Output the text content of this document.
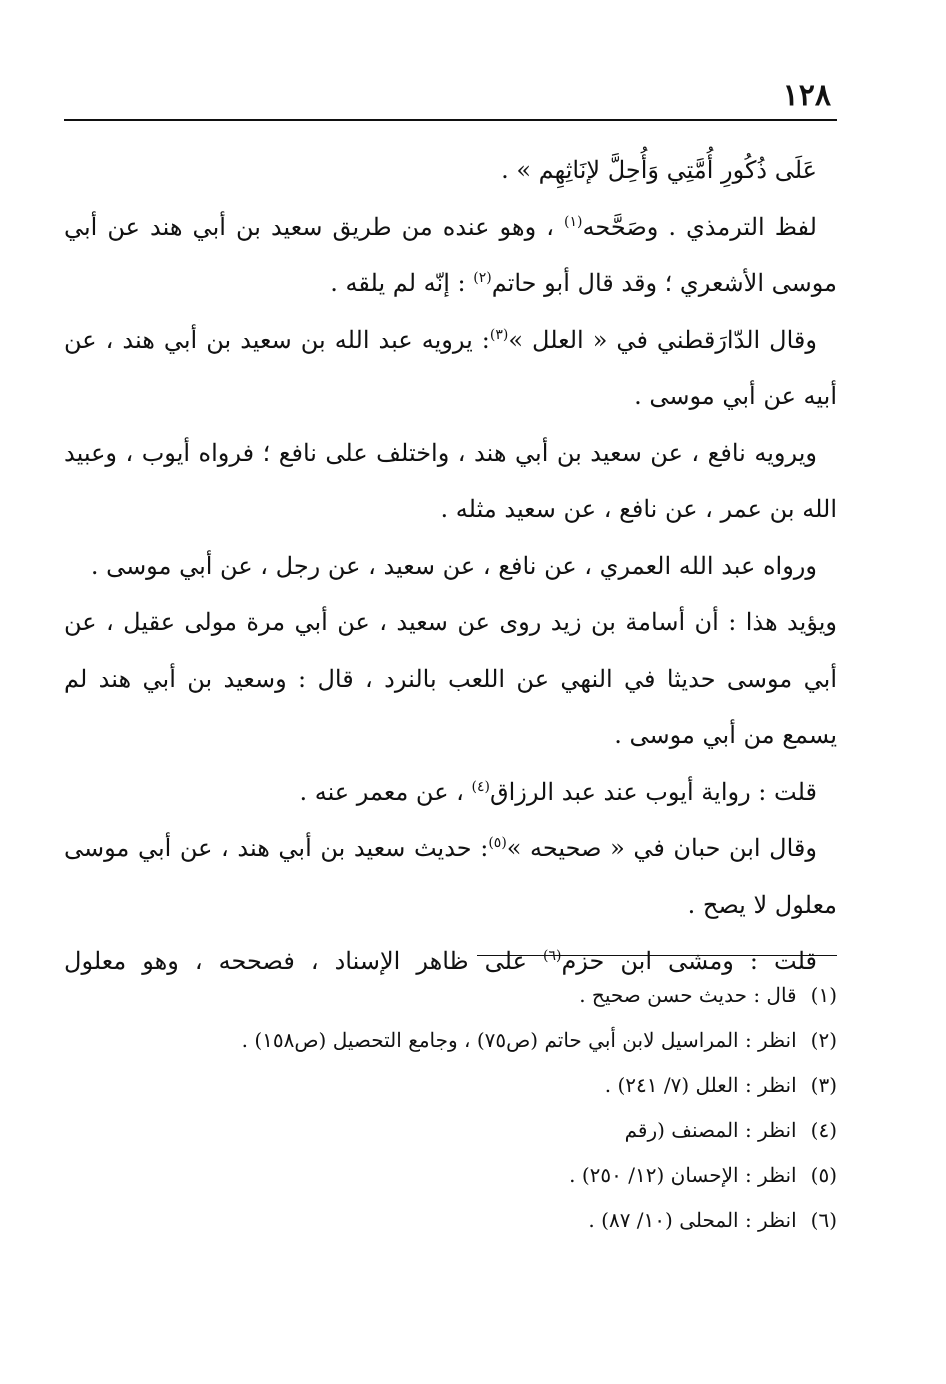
١٢٨

عَلَى ذُكُورِ أُمَّتِي وَأُحِلَّ لإنَاثِهِم » .

لفظ الترمذي . وصَحَّحه$^{(١)}$ ، وهو عنده من طريق سعيد بن أبي هند عن أبي موسى الأشعري ؛ وقد قال أبو حاتم$^{(٢)}$ : إنّه لم يلقه .

وقال الدّارَقطني في « العلل »$^{(٣)}$: يرويه عبد الله بن سعيد بن أبي هند ، عن أبيه عن أبي موسى .

ويرويه نافع ، عن سعيد بن أبي هند ، واختلف على نافع ؛ فرواه أيوب ، وعبيد الله بن عمر ، عن نافع ، عن سعيد مثله .

ورواه عبد الله العمري ، عن نافع ، عن سعيد ، عن رجل ، عن أبي موسى .

ويؤيد هذا : أن أسامة بن زيد روى عن سعيد ، عن أبي مرة مولى عقيل ، عن أبي موسى حديثا في النهي عن اللعب بالنرد ، قال : وسعيد بن أبي هند لم يسمع من أبي موسى .

قلت : رواية أيوب عند عبد الرزاق$^{(٤)}$ ، عن معمر عنه .

وقال ابن حبان في « صحيحه »$^{(٥)}$: حديث سعيد بن أبي هند ، عن أبي موسى معلول لا يصح .

قلت : ومشى ابن حزم$^{(٦)}$ على ظاهر الإسناد ، فصححه ، وهو معلول

(١)قال : حديث حسن صحيح .
(٢)انظر : المراسيل لابن أبي حاتم (ص٧٥) ، وجامع التحصيل (ص١٥٨) .
(٣)انظر : العلل (٧/ ٢٤١) .
(٤)انظر : المصنف (رقم
(٥)انظر : الإحسان (١٢/ ٢٥٠) .
(٦)انظر : المحلى (١٠/ ٨٧) .
